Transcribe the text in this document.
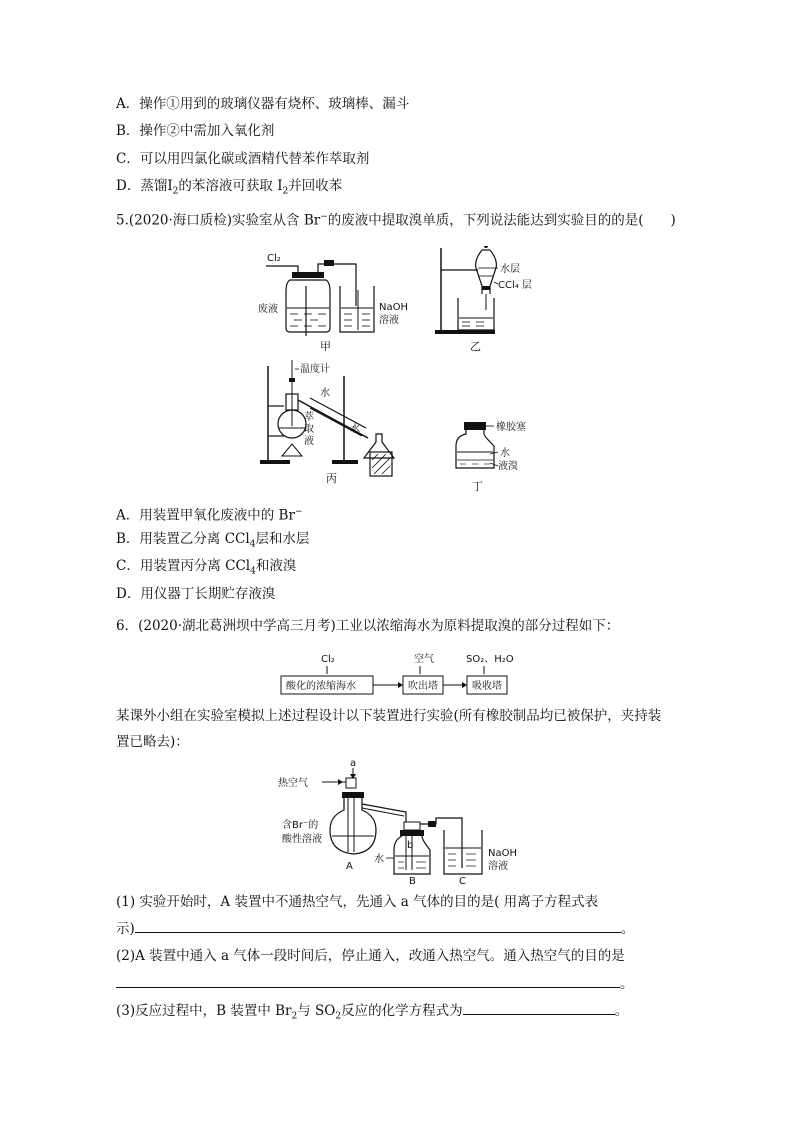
A．操作①用到的玻璃仪器有烧杯、玻璃棒、漏斗
B．操作②中需加入氧化剂
C．可以用四氯化碳或酒精代替苯作萃取剂
D．蒸馏$I_2$的苯溶液可获取 $I_2$并回收苯
5.(2020·海口质检)实验室从含 Br−的废液中提取溴单质，下列说法能达到实验目的的是(　　)
Cl₂
废液	NaOH
溶液
甲
水层
CCl₄ 层
乙
温度计
水
水
萃
取
液
丙
橡胶塞
水
液溴
丁
A．用装置甲氧化废液中的 Br−
B．用装置乙分离 CCl$_4$层和水层
C．用装置丙分离 CCl$_4$和液溴
D．用仪器丁长期贮存液溴
6．(2020·湖北葛洲坝中学高三月考)工业以浓缩海水为原料提取溴的部分过程如下：
Cl₂	空气	SO₂、H₂O
酸化的浓缩海水	吹出塔	吸收塔
某课外小组在实验室模拟上述过程设计以下装置进行实验(所有橡胶制品均已被保护，夹持装
置已略去)：
热空气
a
含Br⁻的
酸性溶液
A
b
水
B
NaOH
溶液
C
(1) 实验开始时，A 装置中不通热空气，先通入 a 气体的目的是( 用离子方程式表
示)	。
(2)A 装置中通入 a 气体一段时间后，停止通入，改通入热空气。通入热空气的目的是
。
(3)反应过程中，B 装置中 $Br_2$与 $SO_2$反应的化学方程式为	。
